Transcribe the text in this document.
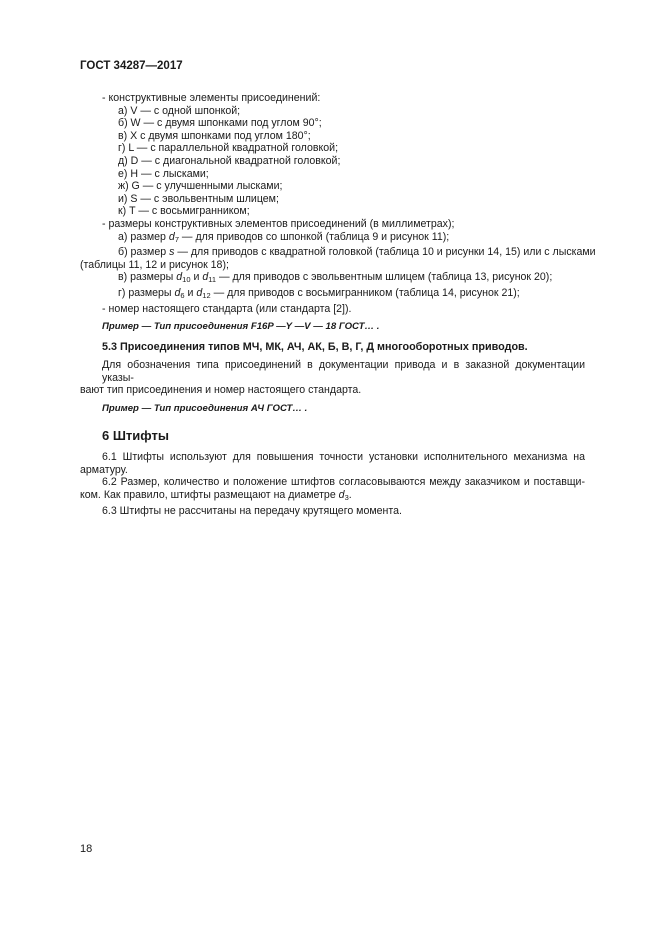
ГОСТ 34287—2017

- конструктивные элементы присоединений:

а) V — с одной шпонкой;

б) W — с двумя шпонками под углом 90°;

в) X с двумя шпонками под углом 180°;

г) L — с параллельной квадратной головкой;

д) D — с диагональной квадратной головкой;

е) H — с лысками;

ж) G — с улучшенными лысками;

и) S — с эвольвентным шлицем;

к) T — с восьмигранником;

- размеры конструктивных элементов присоединений (в миллиметрах);

а) размер $d_7$ — для приводов со шпонкой (таблица 9 и рисунок 11);

б) размер s — для приводов с квадратной головкой (таблица 10 и рисунки 14, 15) или с лысками

(таблицы 11, 12 и рисунок 18);

в) размеры $d_{10}$ и $d_{11}$ — для приводов с эвольвентным шлицем (таблица 13, рисунок 20);

г) размеры $d_6$ и $d_{12}$ — для приводов с восьмигранником (таблица 14, рисунок 21);

- номер настоящего стандарта (или стандарта [2]).

Пример — Тип присоединения F16P —Y —V — 18 ГОСТ… .

5.3 Присоединения типов МЧ, МК, АЧ, АК, Б, В, Г, Д многооборотных приводов.

Для обозначения типа присоединений в документации привода и в заказной документации указы-

вают тип присоединения и номер настоящего стандарта.

Пример — Тип присоединения АЧ ГОСТ… .

6 Штифты

6.1 Штифты используют для повышения точности установки исполнительного механизма на

арматуру.

6.2 Размер, количество и положение штифтов согласовываются между заказчиком и поставщи-

ком. Как правило, штифты размещают на диаметре $d_3$.

6.3 Штифты не рассчитаны на передачу крутящего момента.

18
